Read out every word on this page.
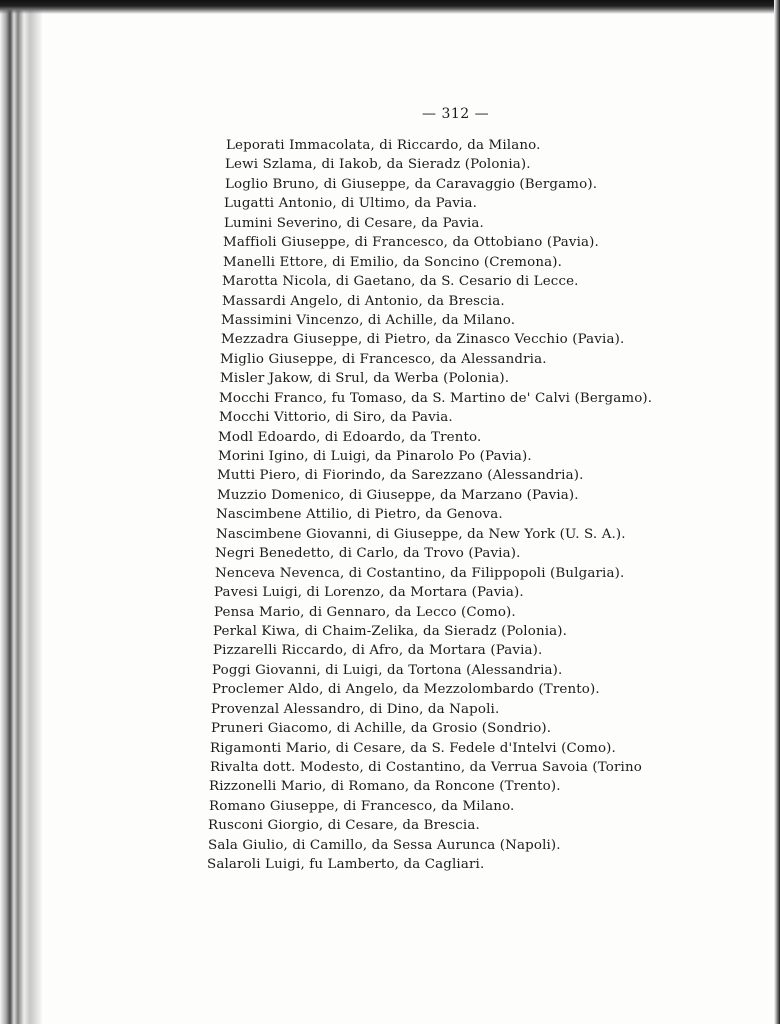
— 312 —
Leporati Immacolata, di Riccardo, da Milano.
Lewi Szlama, di Iakob, da Sieradz (Polonia).
Loglio Bruno, di Giuseppe, da Caravaggio (Bergamo).
Lugatti Antonio, di Ultimo, da Pavia.
Lumini Severino, di Cesare, da Pavia.
Maffioli Giuseppe, di Francesco, da Ottobiano (Pavia).
Manelli Ettore, di Emilio, da Soncino (Cremona).
Marotta Nicola, di Gaetano, da S. Cesario di Lecce.
Massardi Angelo, di Antonio, da Brescia.
Massimini Vincenzo, di Achille, da Milano.
Mezzadra Giuseppe, di Pietro, da Zinasco Vecchio (Pavia).
Miglio Giuseppe, di Francesco, da Alessandria.
Misler Jakow, di Srul, da Werba (Polonia).
Mocchi Franco, fu Tomaso, da S. Martino de' Calvi (Bergamo).
Mocchi Vittorio, di Siro, da Pavia.
Modl Edoardo, di Edoardo, da Trento.
Morini Igino, di Luigi, da Pinarolo Po (Pavia).
Mutti Piero, di Fiorindo, da Sarezzano (Alessandria).
Muzzio Domenico, di Giuseppe, da Marzano (Pavia).
Nascimbene Attilio, di Pietro, da Genova.
Nascimbene Giovanni, di Giuseppe, da New York (U. S. A.).
Negri Benedetto, di Carlo, da Trovo (Pavia).
Nenceva Nevenca, di Costantino, da Filippopoli (Bulgaria).
Pavesi Luigi, di Lorenzo, da Mortara (Pavia).
Pensa Mario, di Gennaro, da Lecco (Como).
Perkal Kiwa, di Chaim-Zelika, da Sieradz (Polonia).
Pizzarelli Riccardo, di Afro, da Mortara (Pavia).
Poggi Giovanni, di Luigi, da Tortona (Alessandria).
Proclemer Aldo, di Angelo, da Mezzolombardo (Trento).
Provenzal Alessandro, di Dino, da Napoli.
Pruneri Giacomo, di Achille, da Grosio (Sondrio).
Rigamonti Mario, di Cesare, da S. Fedele d'Intelvi (Como).
Rivalta dott. Modesto, di Costantino, da Verrua Savoia (Torino
Rizzonelli Mario, di Romano, da Roncone (Trento).
Romano Giuseppe, di Francesco, da Milano.
Rusconi Giorgio, di Cesare, da Brescia.
Sala Giulio, di Camillo, da Sessa Aurunca (Napoli).
Salaroli Luigi, fu Lamberto, da Cagliari.
